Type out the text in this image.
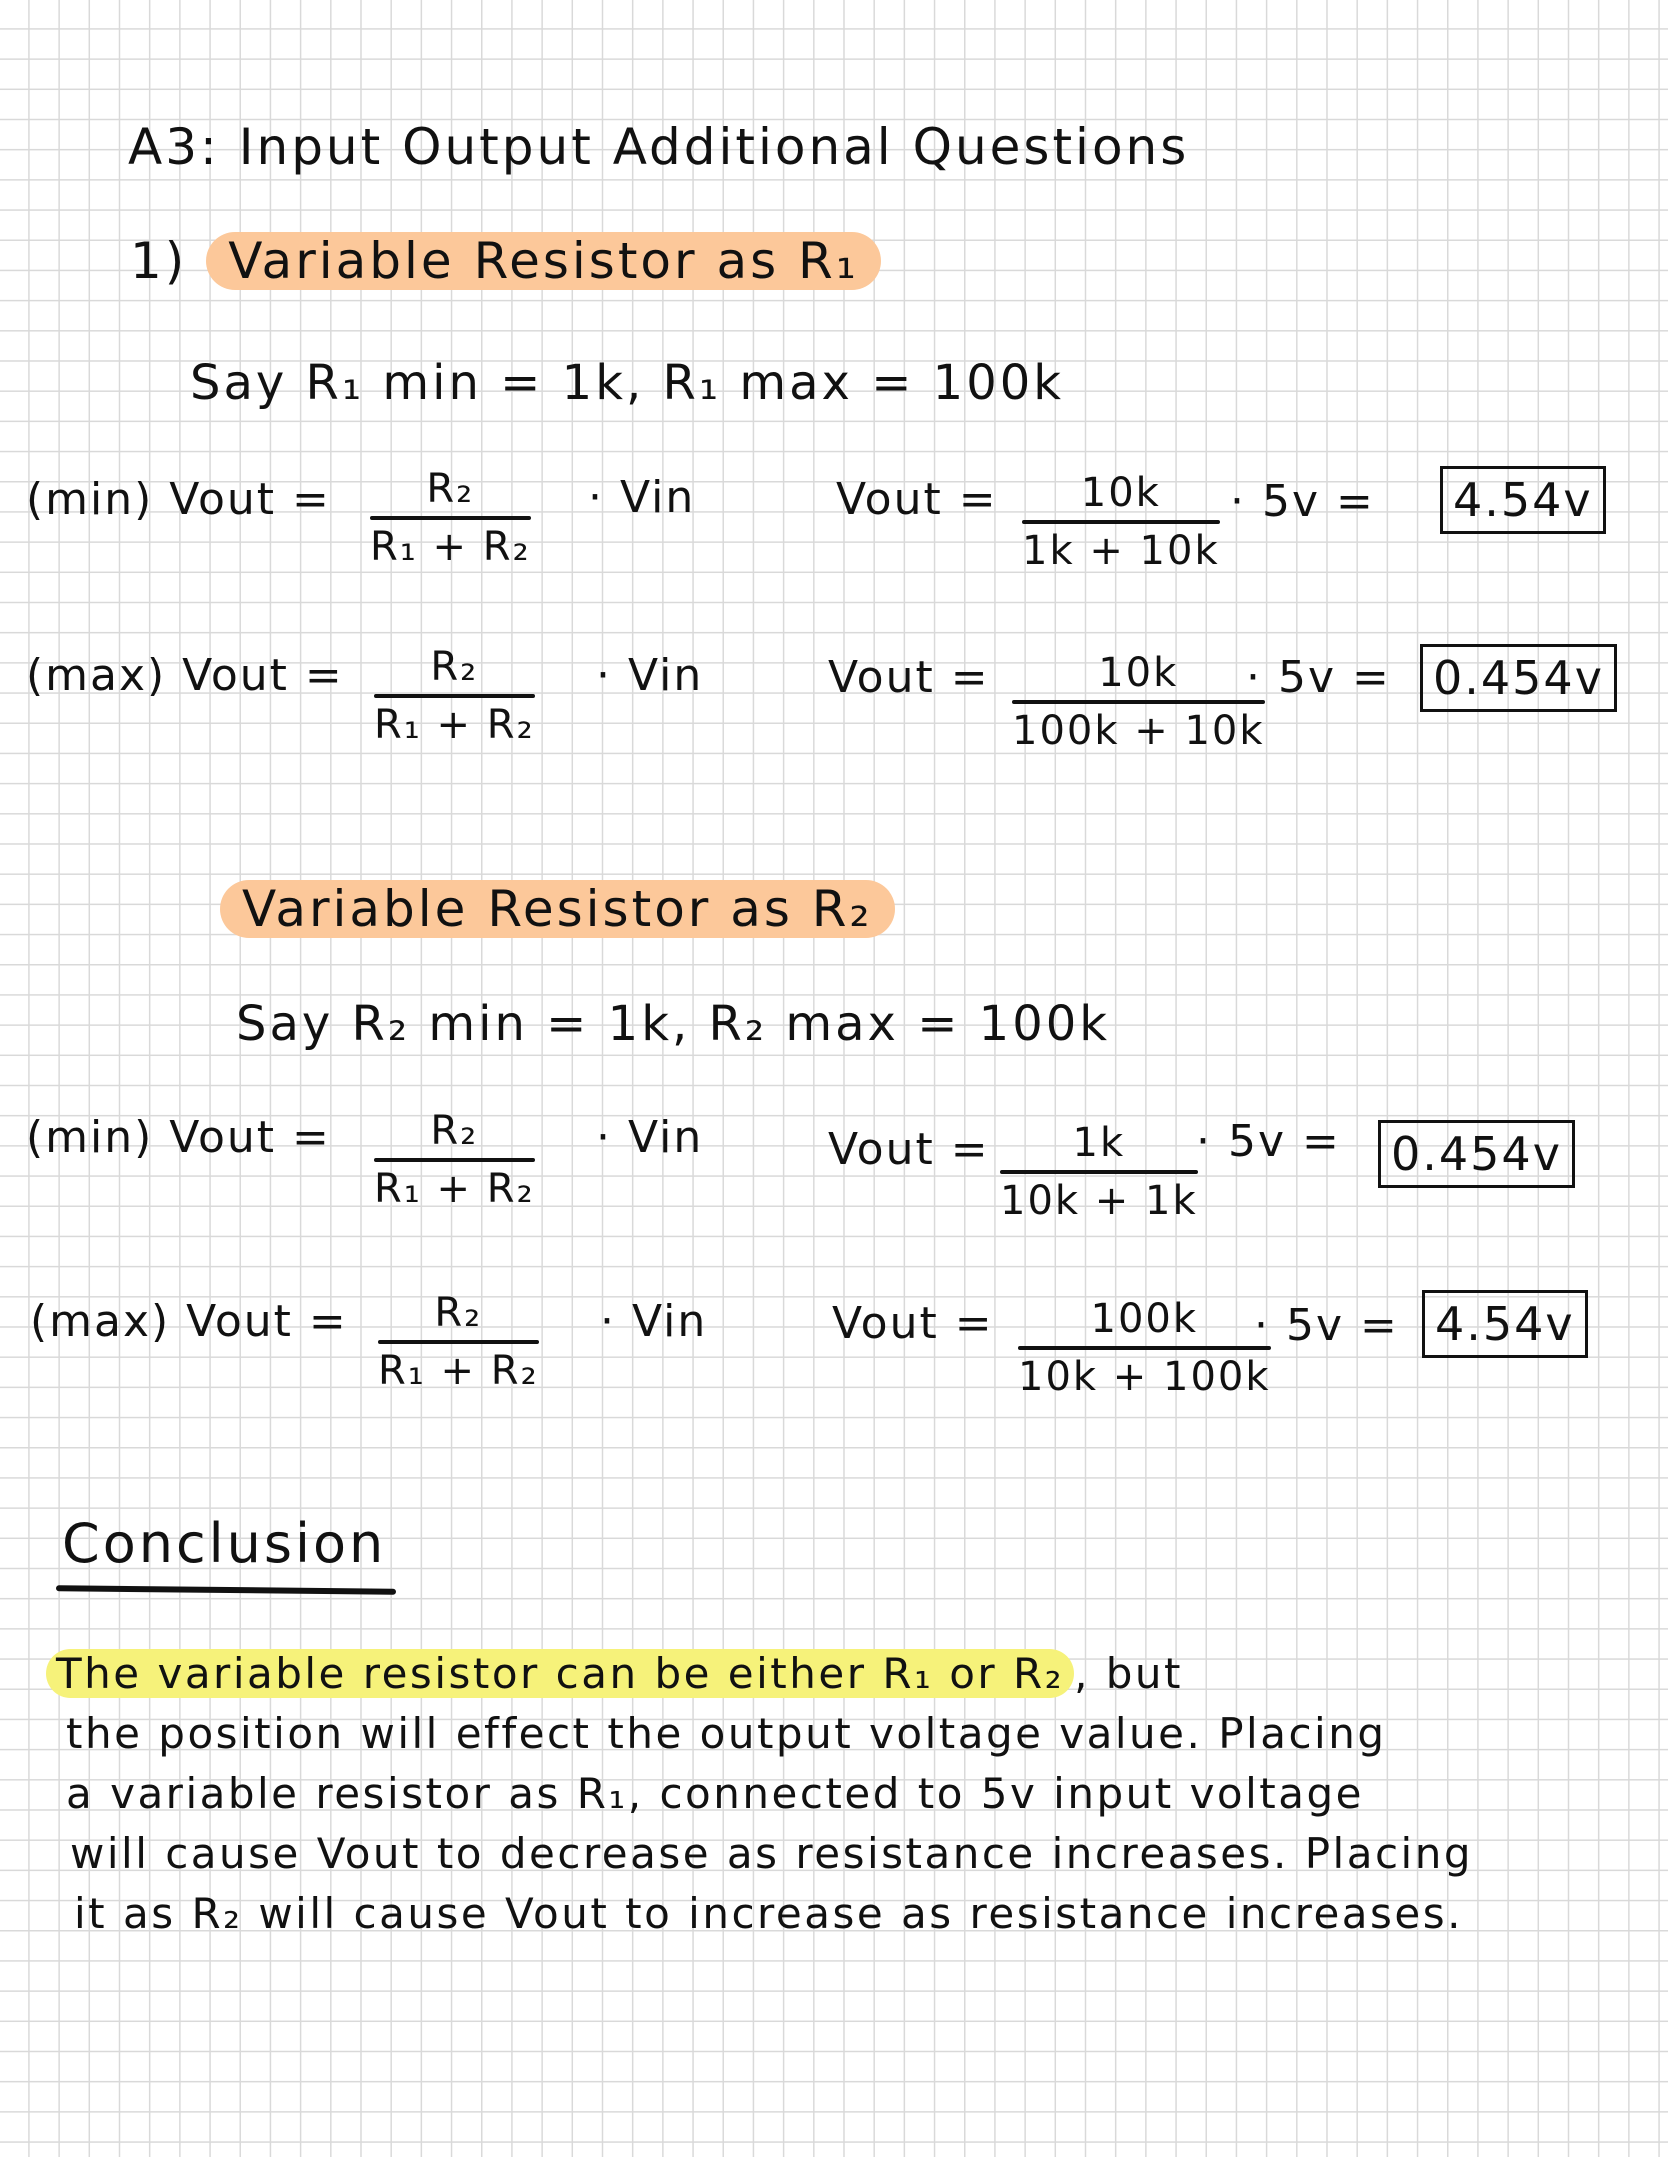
A3: Input Output Additional Questions
1) Variable Resistor as R₁
Say R₁ min = 1k, R₁ max = 100k
(min) Vout =	R₂
R₁ + R₂
· Vin	Vout =	10k
1k + 10k
· 5v = 4.54v
(max) Vout =	R₂
R₁ + R₂
· Vin	Vout =	10k
100k + 10k
· 5v = 0.454v
Variable Resistor as R₂
Say R₂ min = 1k, R₂ max = 100k
(min) Vout =	R₂
R₁ + R₂
· Vin	Vout =	1k
10k + 1k
· 5v = 0.454v
(max) Vout =	R₂
R₁ + R₂
· Vin	Vout =	100k
10k + 100k
· 5v = 4.54v
Conclusion
The variable resistor can be either R₁ or R₂ , but
the position will effect the output voltage value. Placing
a variable resistor as R₁, connected to 5v input voltage
will cause Vout to decrease as resistance increases. Placing
it as R₂ will cause Vout to increase as resistance increases.
